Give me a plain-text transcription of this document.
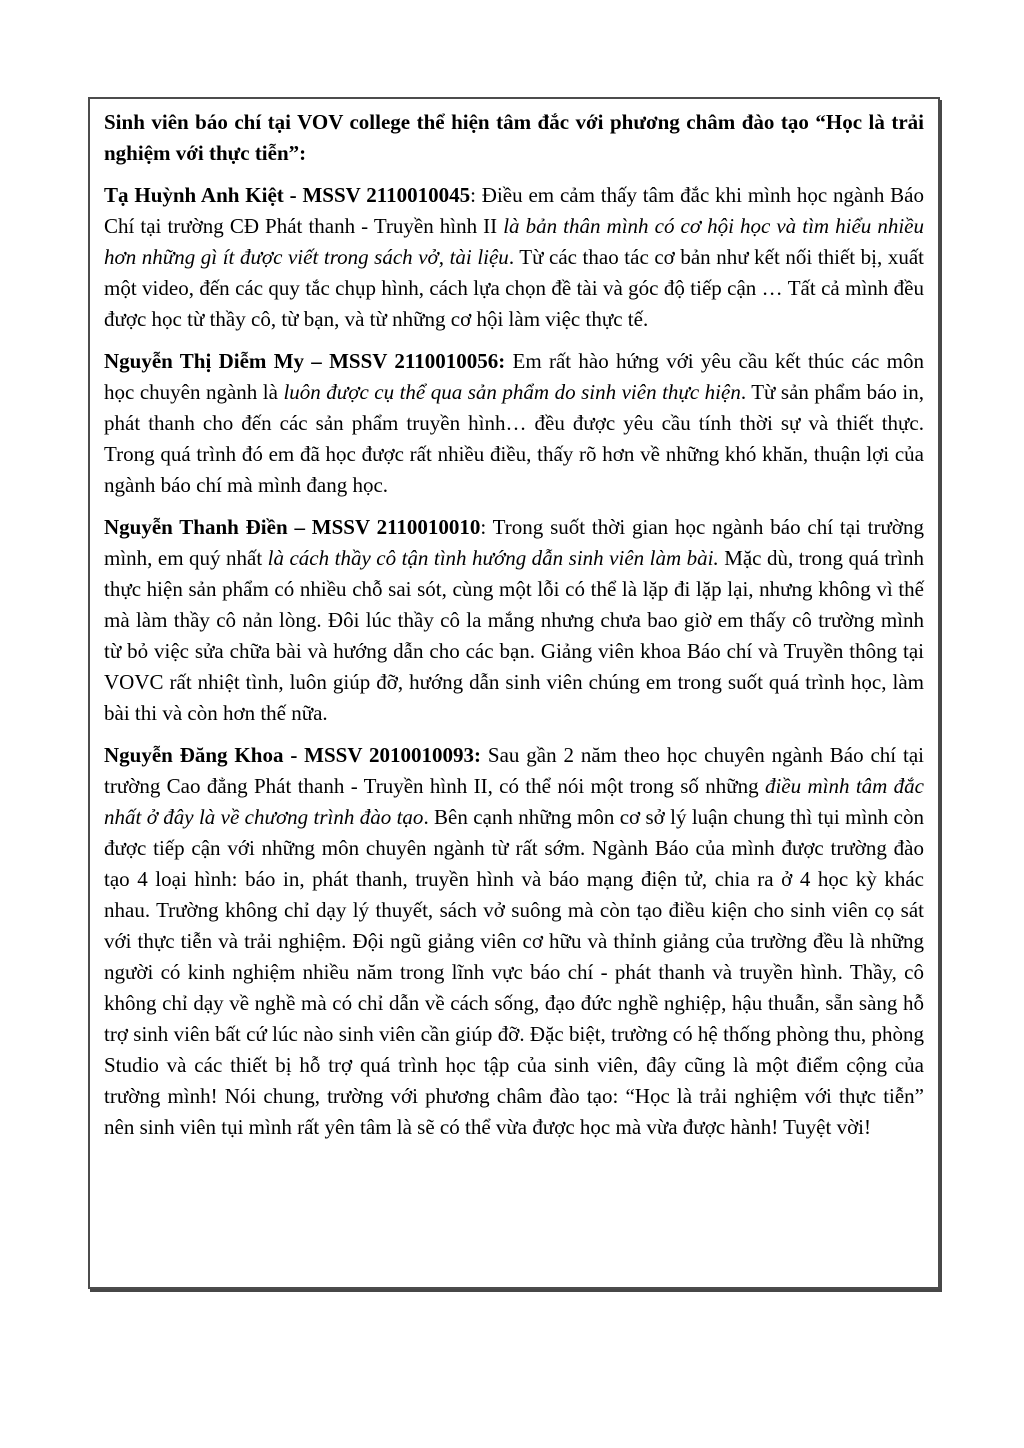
Sinh viên báo chí tại VOV college thể hiện tâm đắc với phương châm đào tạo “Học là trải nghiệm với thực tiễn”:

Tạ Huỳnh Anh Kiệt - MSSV 2110010045: Điều em cảm thấy tâm đắc khi mình học ngành Báo Chí tại trường CĐ Phát thanh - Truyền hình II là bản thân mình có cơ hội học và tìm hiểu nhiều hơn những gì ít được viết trong sách vở, tài liệu. Từ các thao tác cơ bản như kết nối thiết bị, xuất một video, đến các quy tắc chụp hình, cách lựa chọn đề tài và góc độ tiếp cận … Tất cả mình đều được học từ thầy cô, từ bạn, và từ những cơ hội làm việc thực tế.

Nguyễn Thị Diễm My – MSSV 2110010056: Em rất hào hứng với yêu cầu kết thúc các môn học chuyên ngành là luôn được cụ thể qua sản phẩm do sinh viên thực hiện. Từ sản phẩm báo in, phát thanh cho đến các sản phẩm truyền hình… đều được yêu cầu tính thời sự và thiết thực. Trong quá trình đó em đã học được rất nhiều điều, thấy rõ hơn về những khó khăn, thuận lợi của ngành báo chí mà mình đang học.

Nguyễn Thanh Điền – MSSV 2110010010: Trong suốt thời gian học ngành báo chí tại trường mình, em quý nhất là cách thầy cô tận tình hướng dẫn sinh viên làm bài. Mặc dù, trong quá trình thực hiện sản phẩm có nhiều chỗ sai sót, cùng một lỗi có thể là lặp đi lặp lại, nhưng không vì thế mà làm thầy cô nản lòng. Đôi lúc thầy cô la mắng nhưng chưa bao giờ em thấy cô trường mình từ bỏ việc sửa chữa bài và hướng dẫn cho các bạn. Giảng viên khoa Báo chí và Truyền thông tại VOVC rất nhiệt tình, luôn giúp đỡ, hướng dẫn sinh viên chúng em trong suốt quá trình học, làm bài thi và còn hơn thế nữa.

Nguyễn Đăng Khoa - MSSV 2010010093: Sau gần 2 năm theo học chuyên ngành Báo chí tại trường Cao đẳng Phát thanh - Truyền hình II, có thể nói một trong số những điều mình tâm đắc nhất ở đây là về chương trình đào tạo. Bên cạnh những môn cơ sở lý luận chung thì tụi mình còn được tiếp cận với những môn chuyên ngành từ rất sớm. Ngành Báo của mình được trường đào tạo 4 loại hình: báo in, phát thanh, truyền hình và báo mạng điện tử, chia ra ở 4 học kỳ khác nhau. Trường không chỉ dạy lý thuyết, sách vở suông mà còn tạo điều kiện cho sinh viên cọ sát với thực tiễn và trải nghiệm. Đội ngũ giảng viên cơ hữu và thỉnh giảng của trường đều là những người có kinh nghiệm nhiều năm trong lĩnh vực báo chí - phát thanh và truyền hình. Thầy, cô không chỉ dạy về nghề mà có chỉ dẫn về cách sống, đạo đức nghề nghiệp, hậu thuẫn, sẵn sàng hỗ trợ sinh viên bất cứ lúc nào sinh viên cần giúp đỡ. Đặc biệt, trường có hệ thống phòng thu, phòng Studio và các thiết bị hỗ trợ quá trình học tập của sinh viên, đây cũng là một điểm cộng của trường mình! Nói chung, trường với phương châm đào tạo: “Học là trải nghiệm với thực tiễn” nên sinh viên tụi mình rất yên tâm là sẽ có thể vừa được học mà vừa được hành! Tuyệt vời!
